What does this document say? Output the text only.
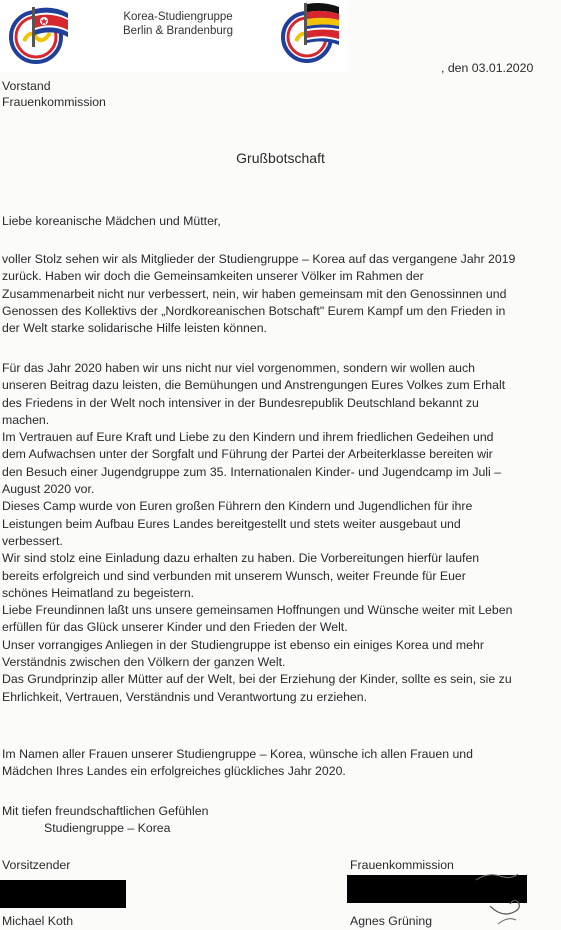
Korea-Studiengruppe
Berlin & Brandenburg
, den 03.01.2020
Vorstand
Frauenkommission
Grußbotschaft

Liebe koreanische Mädchen und Mütter,

voller Stolz sehen wir als Mitglieder der Studiengruppe – Korea auf das vergangene Jahr 2019
zurück. Haben wir doch die Gemeinsamkeiten unserer Völker im Rahmen der
Zusammenarbeit nicht nur verbessert, nein, wir haben gemeinsam mit den Genossinnen und
Genossen des Kollektivs der „Nordkoreanischen Botschaft" Eurem Kampf um den Frieden in
der Welt starke solidarische Hilfe leisten können.

Für das Jahr 2020 haben wir uns nicht nur viel vorgenommen, sondern wir wollen auch
unseren Beitrag dazu leisten, die Bemühungen und Anstrengungen Eures Volkes zum Erhalt
des Friedens in der Welt noch intensiver in der Bundesrepublik Deutschland bekannt zu
machen.
Im Vertrauen auf Eure Kraft und Liebe zu den Kindern und ihrem friedlichen Gedeihen und
dem Aufwachsen unter der Sorgfalt und Führung der Partei der Arbeiterklasse bereiten wir
den Besuch einer Jugendgruppe zum 35. Internationalen Kinder- und Jugendcamp im Juli –
August 2020 vor.
Dieses Camp wurde von Euren großen Führern den Kindern und Jugendlichen für ihre
Leistungen beim Aufbau Eures Landes bereitgestellt und stets weiter ausgebaut und
verbessert.
Wir sind stolz eine Einladung dazu erhalten zu haben. Die Vorbereitungen hierfür laufen
bereits erfolgreich und sind verbunden mit unserem Wunsch, weiter Freunde für Euer
schönes Heimatland zu begeistern.
Liebe Freundinnen laßt uns unsere gemeinsamen Hoffnungen und Wünsche weiter mit Leben
erfüllen für das Glück unserer Kinder und den Frieden der Welt.
Unser vorrangiges Anliegen in der Studiengruppe ist ebenso ein einiges Korea und mehr
Verständnis zwischen den Völkern der ganzen Welt.
Das Grundprinzip aller Mütter auf der Welt, bei der Erziehung der Kinder, sollte es sein, sie zu
Ehrlichkeit, Vertrauen, Verständnis und Verantwortung zu erziehen.

Im Namen aller Frauen unserer Studiengruppe – Korea, wünsche ich allen Frauen und
Mädchen Ihres Landes ein erfolgreiches glückliches Jahr 2020.

Mit tiefen freundschaftlichen Gefühlen
Studiengruppe – Korea
Vorsitzender	Frauenkommission
Michael Koth	Agnes Grüning
